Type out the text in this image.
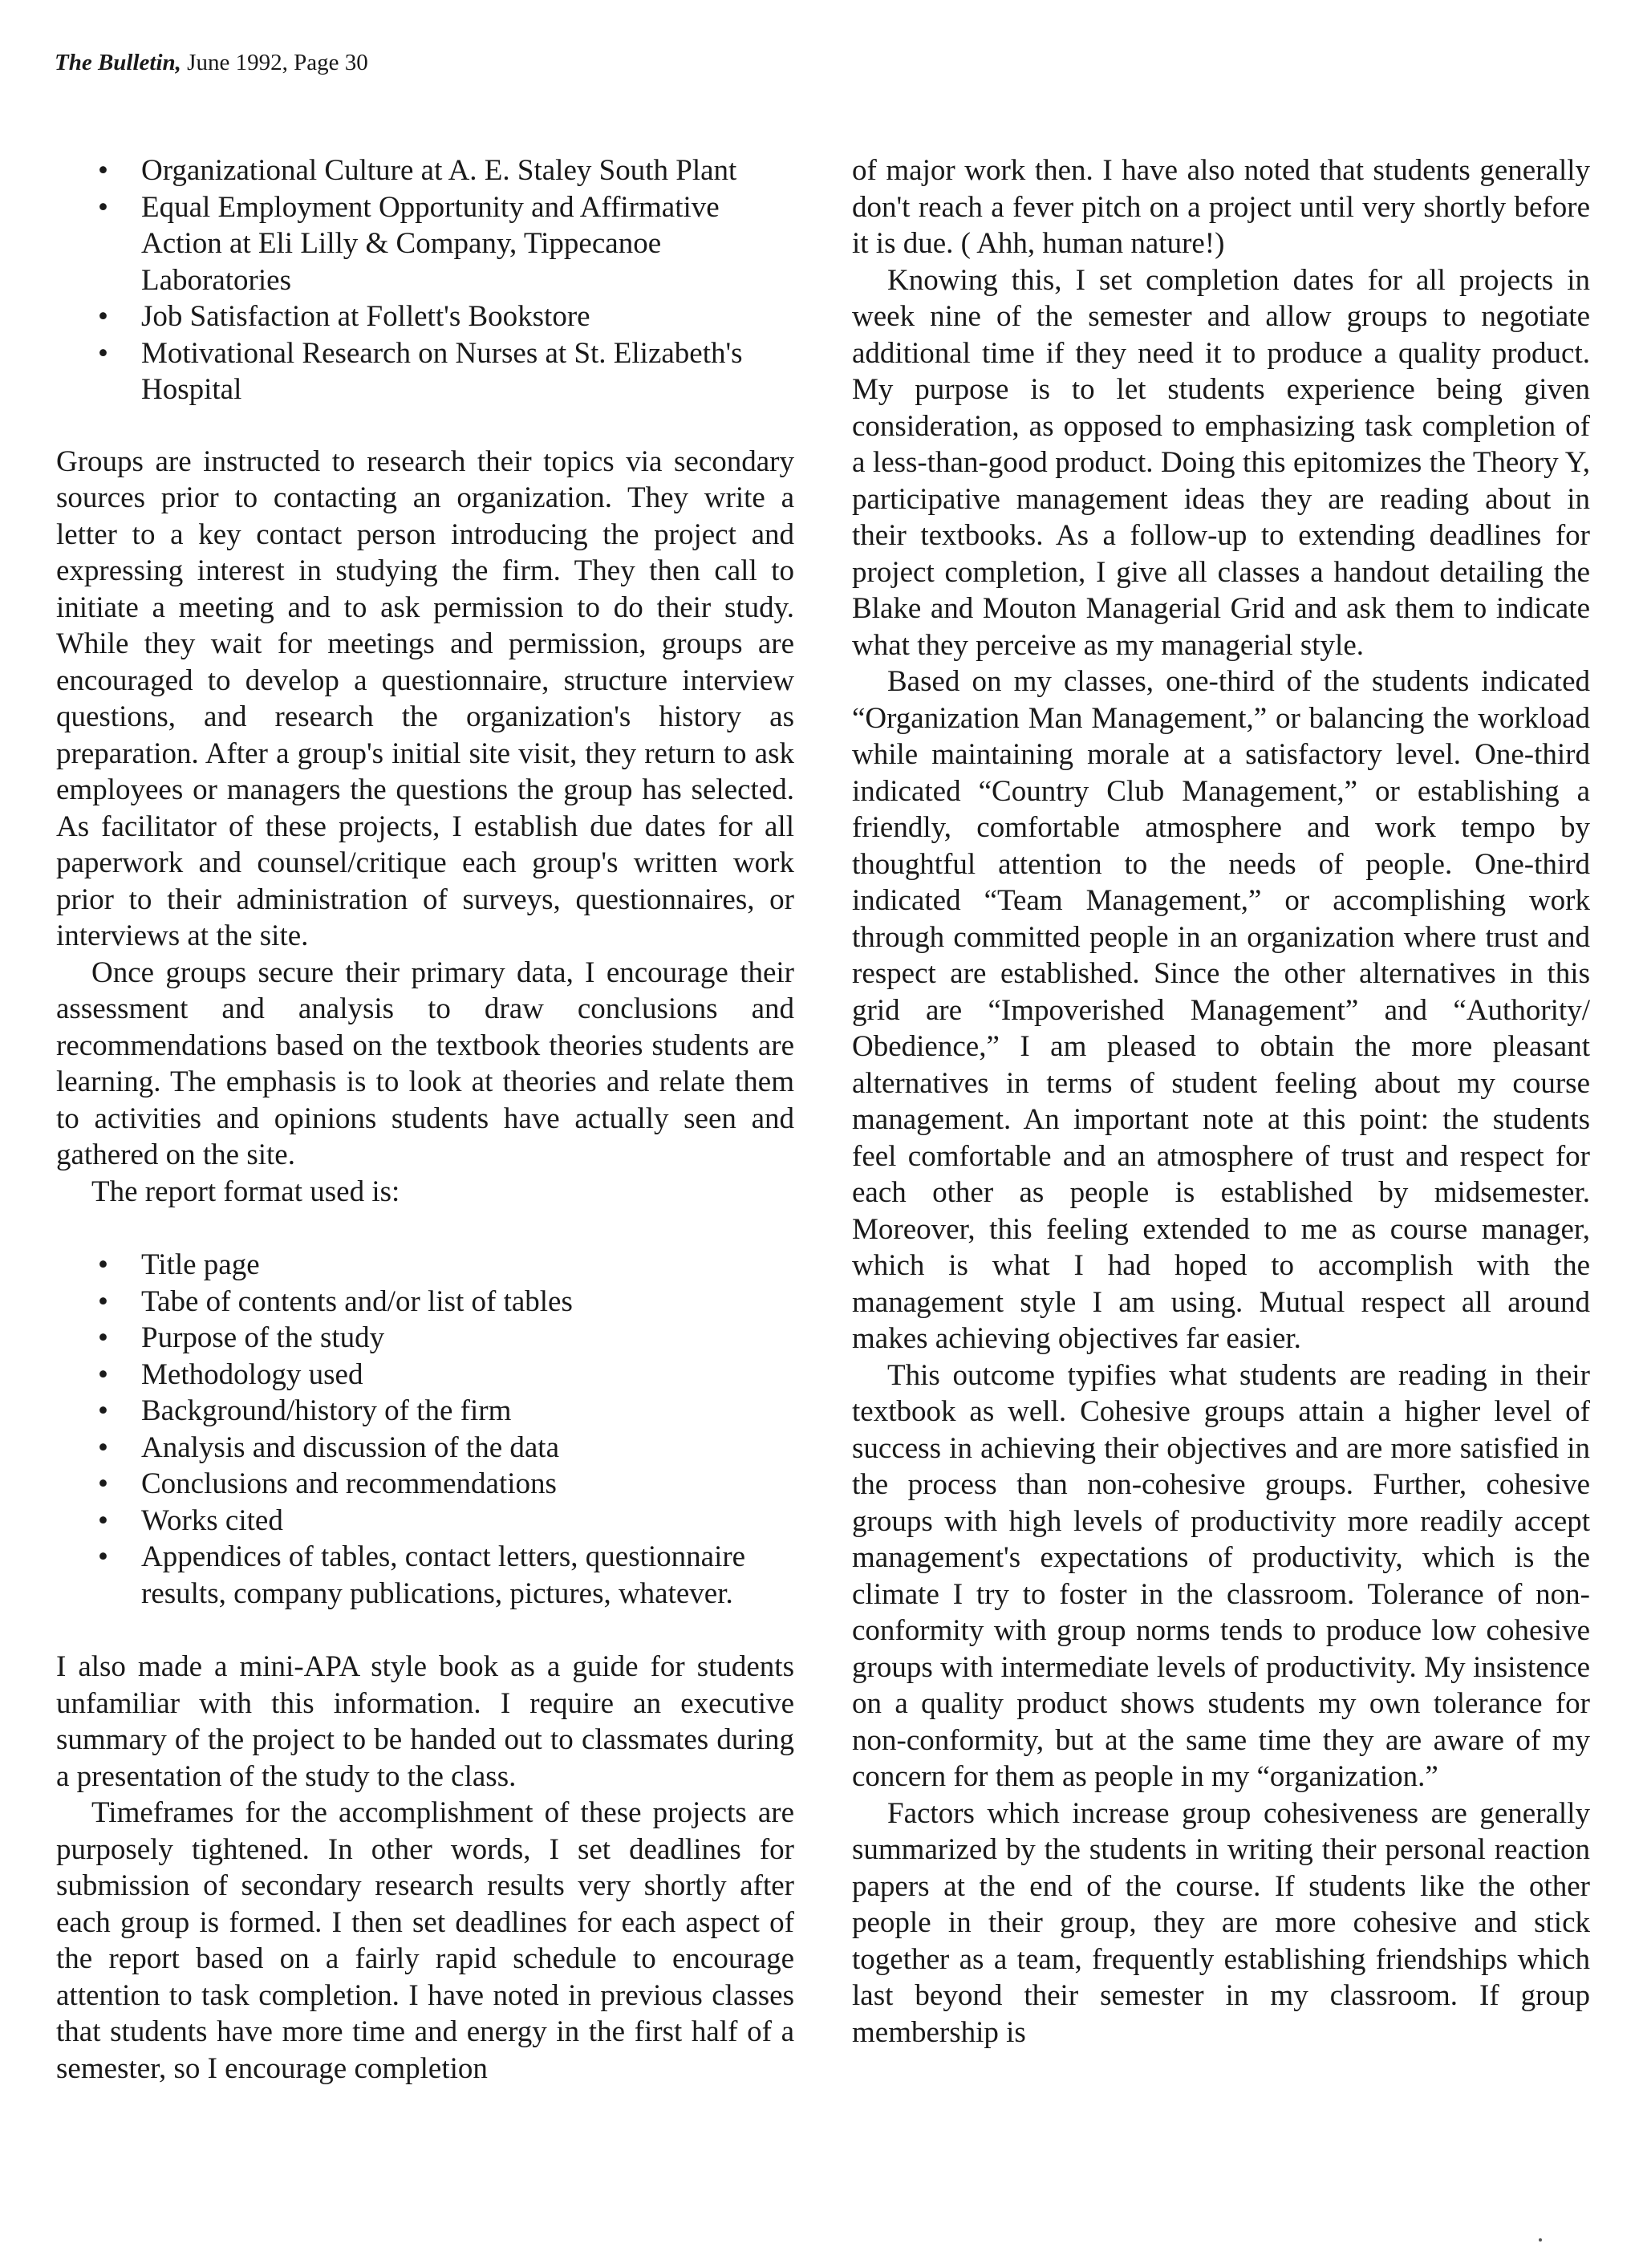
The Bulletin, June 1992, Page 30
• Organizational Culture at A. E. Staley South Plant
• Equal Employment Opportunity and Affirmative Action at Eli Lilly & Company, Tippecanoe Laboratories
• Job Satisfaction at Follett's Bookstore
• Motivational Research on Nurses at St. Elizabeth's Hospital

Groups are instructed to research their topics via secondary sources prior to contacting an organization. They write a letter to a key contact person introducing the project and expressing interest in studying the firm. They then call to initiate a meeting and to ask permission to do their study. While they wait for meetings and permission, groups are encouraged to develop a questionnaire, structure interview questions, and research the organization's history as preparation. After a group's initial site visit, they return to ask employees or managers the questions the group has selected. As facilitator of these projects, I establish due dates for all paperwork and counsel/critique each group's written work prior to their administration of surveys, questionnaires, or interviews at the site.

Once groups secure their primary data, I encourage their assessment and analysis to draw conclusions and recommendations based on the textbook theories students are learning. The emphasis is to look at theories and relate them to activities and opinions students have actually seen and gathered on the site.

The report format used is:

• Title page
• Tabe of contents and/or list of tables
• Purpose of the study
• Methodology used
• Background/history of the firm
• Analysis and discussion of the data
• Conclusions and recommendations
• Works cited
• Appendices of tables, contact letters, questionnaire results, company publications, pictures, whatever.

I also made a mini-APA style book as a guide for students unfamiliar with this information. I require an executive summary of the project to be handed out to classmates during a presentation of the study to the class.

Timeframes for the accomplishment of these projects are purposely tightened. In other words, I set deadlines for submission of secondary research results very shortly after each group is formed. I then set deadlines for each aspect of the report based on a fairly rapid schedule to encourage attention to task completion. I have noted in previous classes that students have more time and energy in the first half of a semester, so I encourage completion

of major work then. I have also noted that students generally don't reach a fever pitch on a project until very shortly before it is due. ( Ahh, human nature!)

Knowing this, I set completion dates for all projects in week nine of the semester and allow groups to negotiate additional time if they need it to produce a quality product. My purpose is to let students experience being given consideration, as opposed to emphasizing task completion of a less-than-good product. Doing this epitomizes the Theory Y, participative management ideas they are reading about in their textbooks. As a follow-up to extending deadlines for project completion, I give all classes a handout detailing the Blake and Mouton Managerial Grid and ask them to indicate what they perceive as my managerial style.

Based on my classes, one-third of the students indicated “Organization Man Management,” or balancing the workload while maintaining morale at a satisfactory level. One-third indicated “Country Club Management,” or establishing a friendly, comfortable atmosphere and work tempo by thoughtful attention to the needs of people. One-third indicated “Team Management,” or accomplishing work through committed people in an organization where trust and respect are established. Since the other alternatives in this grid are “Impoverished Management” and “Authority/ Obedience,” I am pleased to obtain the more pleasant alternatives in terms of student feeling about my course management. An important note at this point: the students feel comfortable and an atmosphere of trust and respect for each other as people is established by midsemester. Moreover, this feeling extended to me as course manager, which is what I had hoped to accomplish with the management style I am using. Mutual respect all around makes achieving objectives far easier.

This outcome typifies what students are reading in their textbook as well. Cohesive groups attain a higher level of success in achieving their objectives and are more satisfied in the process than non-cohesive groups. Further, cohesive groups with high levels of productivity more readily accept management's expectations of productivity, which is the climate I try to foster in the classroom. Tolerance of non-conformity with group norms tends to produce low cohesive groups with intermediate levels of productivity. My insistence on a quality product shows students my own tolerance for non-conformity, but at the same time they are aware of my concern for them as people in my “organization.”

Factors which increase group cohesiveness are generally summarized by the students in writing their personal reaction papers at the end of the course. If students like the other people in their group, they are more cohesive and stick together as a team, frequently establishing friendships which last beyond their semester in my classroom. If group membership is
